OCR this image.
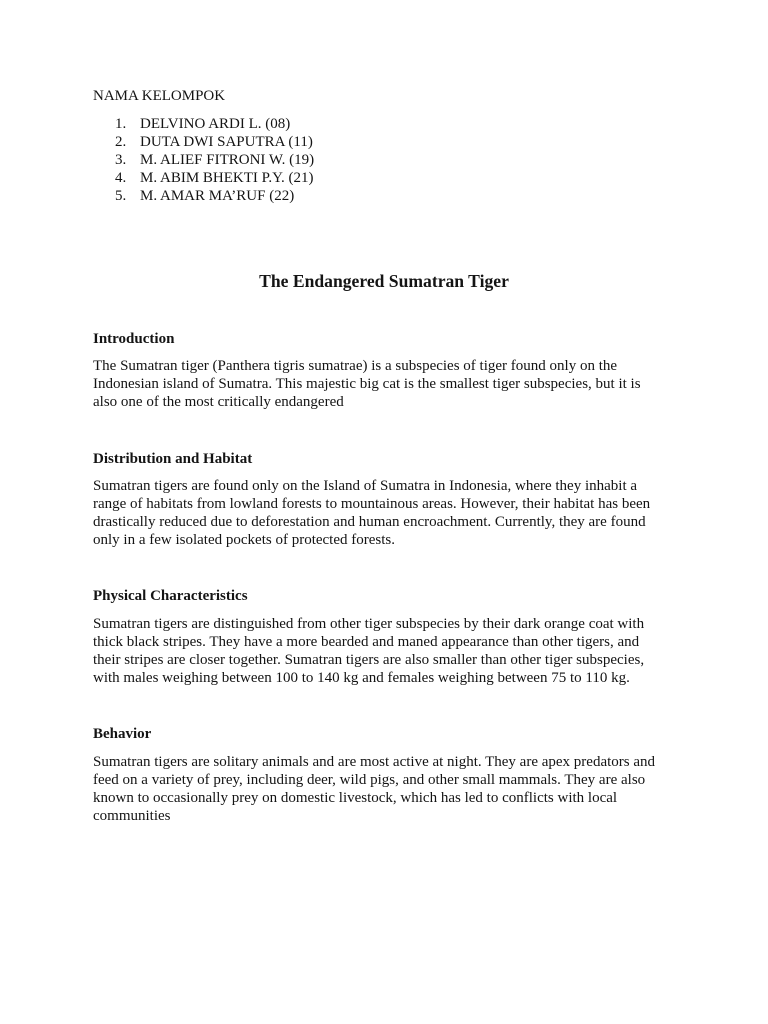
NAMA KELOMPOK
1. DELVINO ARDI L. (08)
2. DUTA DWI SAPUTRA (11)
3. M. ALIEF FITRONI W. (19)
4. M. ABIM BHEKTI P.Y. (21)
5. M. AMAR MA’RUF (22)
The Endangered Sumatran Tiger
Introduction
The Sumatran tiger (Panthera tigris sumatrae) is a subspecies of tiger found only on the
Indonesian island of Sumatra. This majestic big cat is the smallest tiger subspecies, but it is
also one of the most critically endangered
Distribution and Habitat
Sumatran tigers are found only on the Island of Sumatra in Indonesia, where they inhabit a
range of habitats from lowland forests to mountainous areas. However, their habitat has been
drastically reduced due to deforestation and human encroachment. Currently, they are found
only in a few isolated pockets of protected forests.
Physical Characteristics
Sumatran tigers are distinguished from other tiger subspecies by their dark orange coat with
thick black stripes. They have a more bearded and maned appearance than other tigers, and
their stripes are closer together. Sumatran tigers are also smaller than other tiger subspecies,
with males weighing between 100 to 140 kg and females weighing between 75 to 110 kg.
Behavior
Sumatran tigers are solitary animals and are most active at night. They are apex predators and
feed on a variety of prey, including deer, wild pigs, and other small mammals. They are also
known to occasionally prey on domestic livestock, which has led to conflicts with local
communities
